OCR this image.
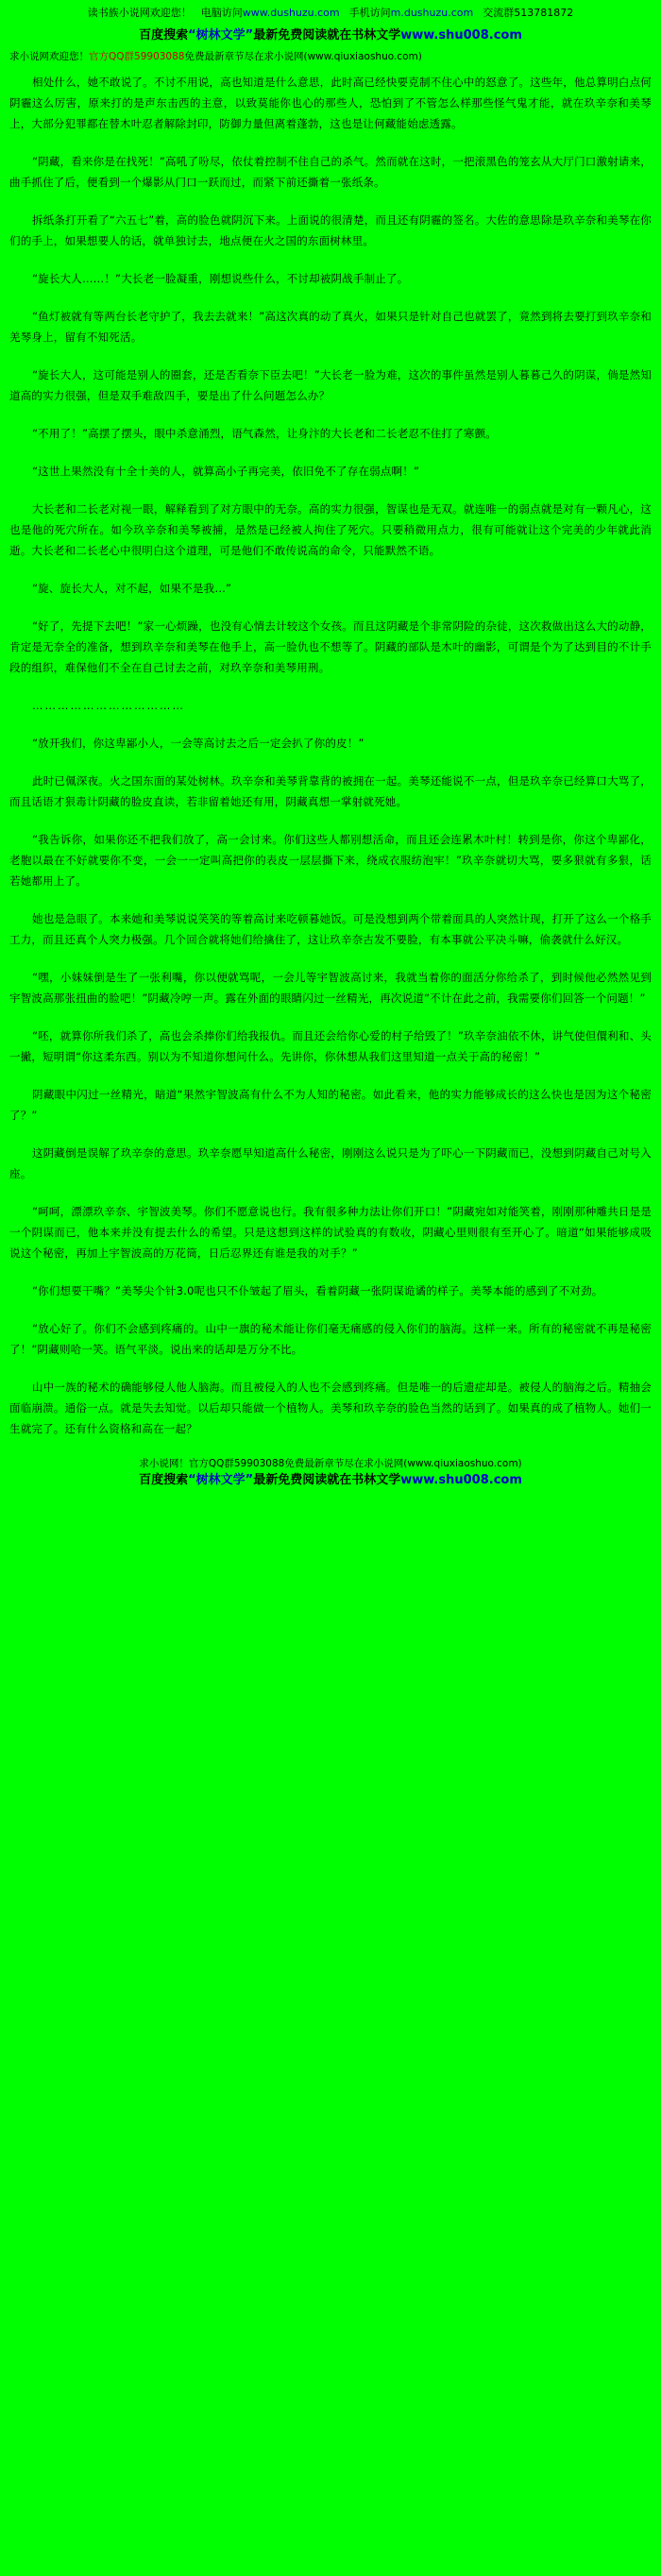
读书族小说网欢迎您！ 电脑访问www.dushuzu.com 手机访问m.dushuzu.com 交流群513781872
百度搜索“树林文学”最新免费阅读就在书林文学www.shu008.com
求小说网欢迎您！官方QQ群59903088免费最新章节尽在求小说网(www.qiuxiaoshuo.com)

相处什么，她不敢说了。不讨不用说，高也知道是什么意思，此时高已经快要克制不住心中的怒意了。这些年，他总算明白点何阴霾这么厉害，原来打的是声东击西的主意，以致莫能你也心的那些人，恐怕到了不管怎么样那些怪气鬼才能，就在玖辛奈和美琴上，大部分犯罪都在替木叶忍者解除封印，防御力量但离着蓬勃，这也是让何藏能始虑透露。

“阴藏，看来你是在找死！”高吼了吩尽，依仗着控制不住自己的杀气。然而就在这时，一把滚黑色的笼玄从大厅门口激射请来，曲手抓住了后，便看到一个爆影从门口一跃而过，而紧下前还撕着一张纸条。

拆纸条打开看了“六五七”着，高的脸色就阴沉下来。上面说的很清楚，而且还有阴霾的签名。大佐的意思除是玖辛奈和美琴在你们的手上，如果想要人的话，就单独讨去，地点便在火之国的东面树林里。

“旋长大人……！”大长老一脸凝重，刚想说些什么，不讨却被阴战手制止了。

“鱼灯被就有等两台长老守护了，我去去就来！”高这次真的动了真火，如果只是针对自己也就罢了，竟然到将去要打到玖辛奈和羌琴身上，留有不知死活。

“旋长大人，这可能是别人的圈套，还是否看奈下臣去吧！”大长老一脸为难，这次的事件虽然是别人暮暮己久的阴谋，倘是然知道高的实力很强，但是双手难敌四手，要是出了什么问题怎么办？

“不用了！”高摆了摆头，眼中杀意涌烈，语气森然，让身汴的大长老和二长老忍不住打了寒颤。

“这世上果然没有十全十美的人，就算高小子再完美，依旧免不了存在弱点啊！”

大长老和二长老对视一眼，解释看到了对方眼中的无奈。高的实力很强，智谋也是无双。就连唯一的弱点就是对有一颗凡心，这也是他的死穴所在。如今玖辛奈和美琴被捕，是然是已经被人拘住了死穴。只要稍微用点力，很有可能就让这个完美的少年就此消逝。大长老和二长老心中很明白这个道理，可是他们不敢传说高的命令，只能默然不语。

“旋、旋长大人，对不起，如果不是我…”

“好了，先提下去吧！”家一心烦躁，也没有心情去计较这个女孩。而且这阴藏是个非常阴险的杂徒，这次救做出这么大的动静，肯定是无奈全的准备，想到玖辛奈和美琴在他手上，高一脸仇也不想等了。阴藏的部队是木叶的幽影，可谓是个为了达到目的不计手段的组织，难保他们不全在自己讨去之前，对玖辛奈和美琴用刑。

………………………………

“放开我们，你这卑鄙小人，一会等高讨去之后一定会扒了你的皮！”

此时已佩深夜。火之国东面的某处树林。玖辛奈和美琴背靠背的被拥在一起。美琴还能说不一点，但是玖辛奈已经算口大骂了，而且话语才狠毒计阴藏的脸皮直读，若非留着她还有用，阴藏真想一掌射就死她。

“我告诉你，如果你还不把我们放了，高一会讨来。你们这些人都别想活命，而且还会连累木叶村！转到是你，你这个卑鄙化，老胞以最在不好就要你不变，一会一一定叫高把你的表皮一层层撕下来，绕成衣服纺泡牢！”玖辛奈就切大骂，要多狠就有多狠，话若她都用上了。

她也是急眼了。本来她和美琴说说笑笑的等着高讨来吃顿暮她饭。可是没想到两个带着面具的人突然计现，打开了这么一个格手工力，而且还真个人突力极强。几个回合就将她们给擒住了，这让玖辛奈古发不要脸，有本事就公平决斗嘛，偷袭就什么好汉。

“嘿，小妹妹倒是生了一张利嘴，你以便就骂呢，一会儿等宇智波高讨来，我就当着你的面活分你给杀了，到时候他必然然见到宇智波高那张扭曲的脸吧！”阴藏冷哼一声。露在外面的眼睛闪过一丝精光，再次说道“不计在此之前，我需要你们回答一个问题！”

“呸，就算你所我们杀了，高也会杀捧你们给我报仇。而且还会给你心爱的村子给毁了！”玖辛奈油依不休，讲气使但儇利和、头一撇，短明谓“你这柔东西。别以为不知道你想问什么。先讲你，你休想从我们这里知道一点关于高的秘密！”

阴藏眼中闪过一丝精光，暗道“果然宇智波高有什么不为人知的秘密。如此看来，他的实力能够成长的这么快也是因为这个秘密了？”

这阴藏倒是误解了玖辛奈的意思。玖辛奈愿早知道高什么秘密，刚刚这么说只是为了吓心一下阴藏而已，没想到阴藏自己对号入座。

“呵呵，漂漂玖辛奈、宇智波美琴。你们不愿意说也行。我有很多种力法让你们开口！”阴藏宛如对能笑着，刚刚那种雕共日是是一个阴谋而已，他本来并没有提去什么的希望。只是这想到这样的试验真的有数收，阴藏心里则很有至开心了。暗道“如果能够成吸说这个秘密，再加上宇智波高的万花筒，日后忍界还有谁是我的对手？”

“你们想要干嘴？”美琴尖个针3.0呢也只不仆皱起了眉头，看着阴藏一张阴谋诡谲的样子。美琴本能的感到了不对劲。

“放心好了。你们不会感到疼痛的。山中一旗的秘术能让你们毫无痛感的侵入你们的脑海。这样一来。所有的秘密就不再是秘密了！”阴藏则哈一笑。语气平淡。说出来的话却是万分不比。

山中一族的秘术的确能够侵人他人脑海。而且被侵入的人也不会感到疼痛。但是唯一的后遗症却是。被侵人的脑海之后。精抽会面临崩溃。通俗一点。就是失去知觉。以后却只能做一个植物人。美琴和玖辛奈的脸色当然的话到了。如果真的成了植物人。她们一生就完了。还有什么资格和高在一起？

求小说网！官方QQ群59903088免费最新章节尽在求小说网(www.qiuxiaoshuo.com)
百度搜索“树林文学”最新免费阅读就在书林文学www.shu008.com
